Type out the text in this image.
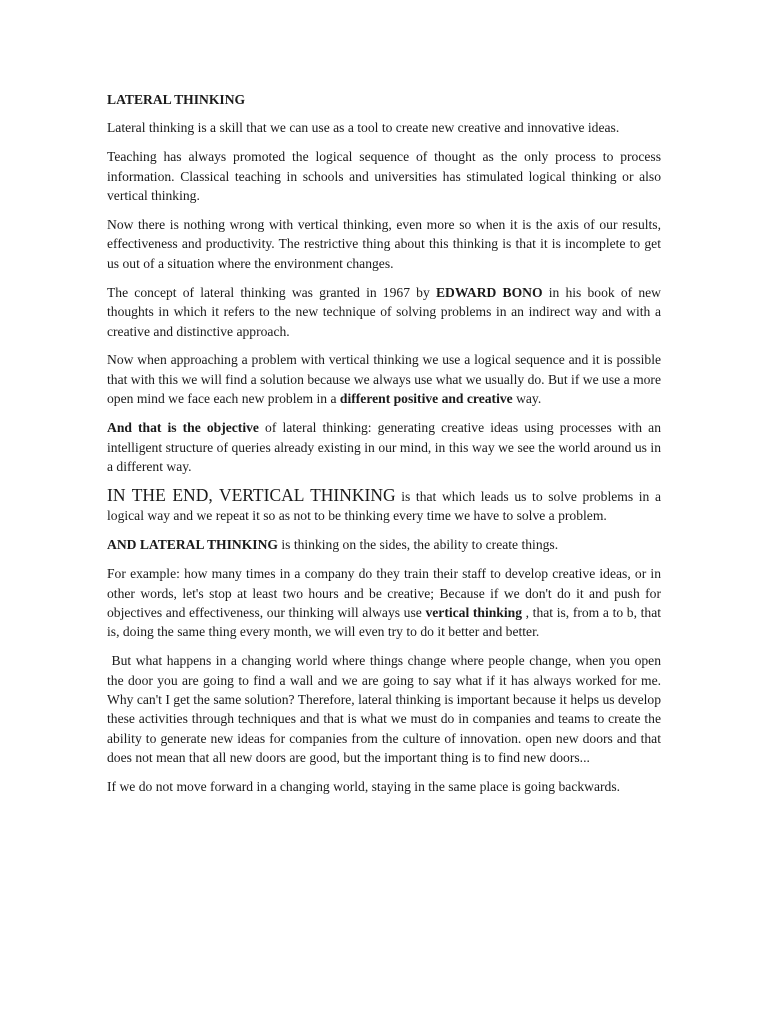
LATERAL THINKING

Lateral thinking is a skill that we can use as a tool to create new creative and innovative ideas.

Teaching has always promoted the logical sequence of thought as the only process to process information. Classical teaching in schools and universities has stimulated logical thinking or also vertical thinking.

Now there is nothing wrong with vertical thinking, even more so when it is the axis of our results, effectiveness and productivity. The restrictive thing about this thinking is that it is incomplete to get us out of a situation where the environment changes.

The concept of lateral thinking was granted in 1967 by EDWARD BONO in his book of new thoughts in which it refers to the new technique of solving problems in an indirect way and with a creative and distinctive approach.

Now when approaching a problem with vertical thinking we use a logical sequence and it is possible that with this we will find a solution because we always use what we usually do. But if we use a more open mind we face each new problem in a different positive and creative way.

And that is the objective of lateral thinking: generating creative ideas using processes with an intelligent structure of queries already existing in our mind, in this way we see the world around us in a different way.

IN THE END, VERTICAL THINKING is that which leads us to solve problems in a logical way and we repeat it so as not to be thinking every time we have to solve a problem.

AND LATERAL THINKING is thinking on the sides, the ability to create things.

For example: how many times in a company do they train their staff to develop creative ideas, or in other words, let's stop at least two hours and be creative; Because if we don't do it and push for objectives and effectiveness, our thinking will always use vertical thinking , that is, from a to b, that is, doing the same thing every month, we will even try to do it better and better.

But what happens in a changing world where things change where people change, when you open the door you are going to find a wall and we are going to say what if it has always worked for me. Why can't I get the same solution? Therefore, lateral thinking is important because it helps us develop these activities through techniques and that is what we must do in companies and teams to create the ability to generate new ideas for companies from the culture of innovation. open new doors and that does not mean that all new doors are good, but the important thing is to find new doors...

If we do not move forward in a changing world, staying in the same place is going backwards.
